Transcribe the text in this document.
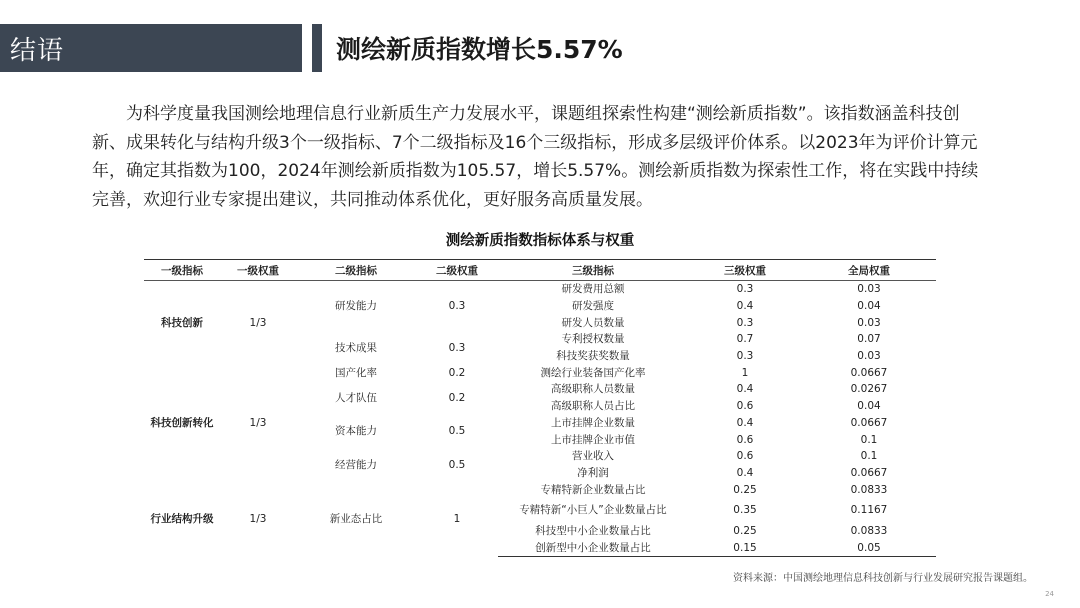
结语	测绘新质指数增长5.57%

为科学度量我国测绘地理信息行业新质生产力发展水平，课题组探索性构建“测绘新质指数”。该指数涵盖科技创新、成果转化与结构升级3个一级指标、7个二级指标及16个三级指标，形成多层级评价体系。以2023年为评价计算元年，确定其指数为100，2024年测绘新质指数为105.57，增长5.57%。测绘新质指数为探索性工作，将在实践中持续完善，欢迎行业专家提出建议，共同推动体系优化，更好服务高质量发展。

测绘新质指数指标体系与权重
一级指标	一级权重	二级指标	二级权重	三级指标	三级权重	全局权重
科技创新	1/3	研发能力	0.3	研发费用总额	0.3	0.03
				研发强度	0.4	0.04
				研发人员数量	0.3	0.03
		技术成果	0.3	专利授权数量	0.7	0.07
				科技奖获奖数量	0.3	0.03
科技创新转化	1/3	国产化率	0.2	测绘行业装备国产化率	1	0.0667
		人才队伍	0.2	高级职称人员数量	0.4	0.0267
				高级职称人员占比	0.6	0.04
		资本能力	0.5	上市挂牌企业数量	0.4	0.0667
				上市挂牌企业市值	0.6	0.1
		经营能力	0.5	营业收入	0.6	0.1
				净利润	0.4	0.0667
行业结构升级	1/3	新业态占比	1	专精特新企业数量占比	0.25	0.0833
				专精特新“小巨人”企业数量占比	0.35	0.1167
				科技型中小企业数量占比	0.25	0.0833
				创新型中小企业数量占比	0.15	0.05
资料来源：中国测绘地理信息科技创新与行业发展研究报告课题组。
24
